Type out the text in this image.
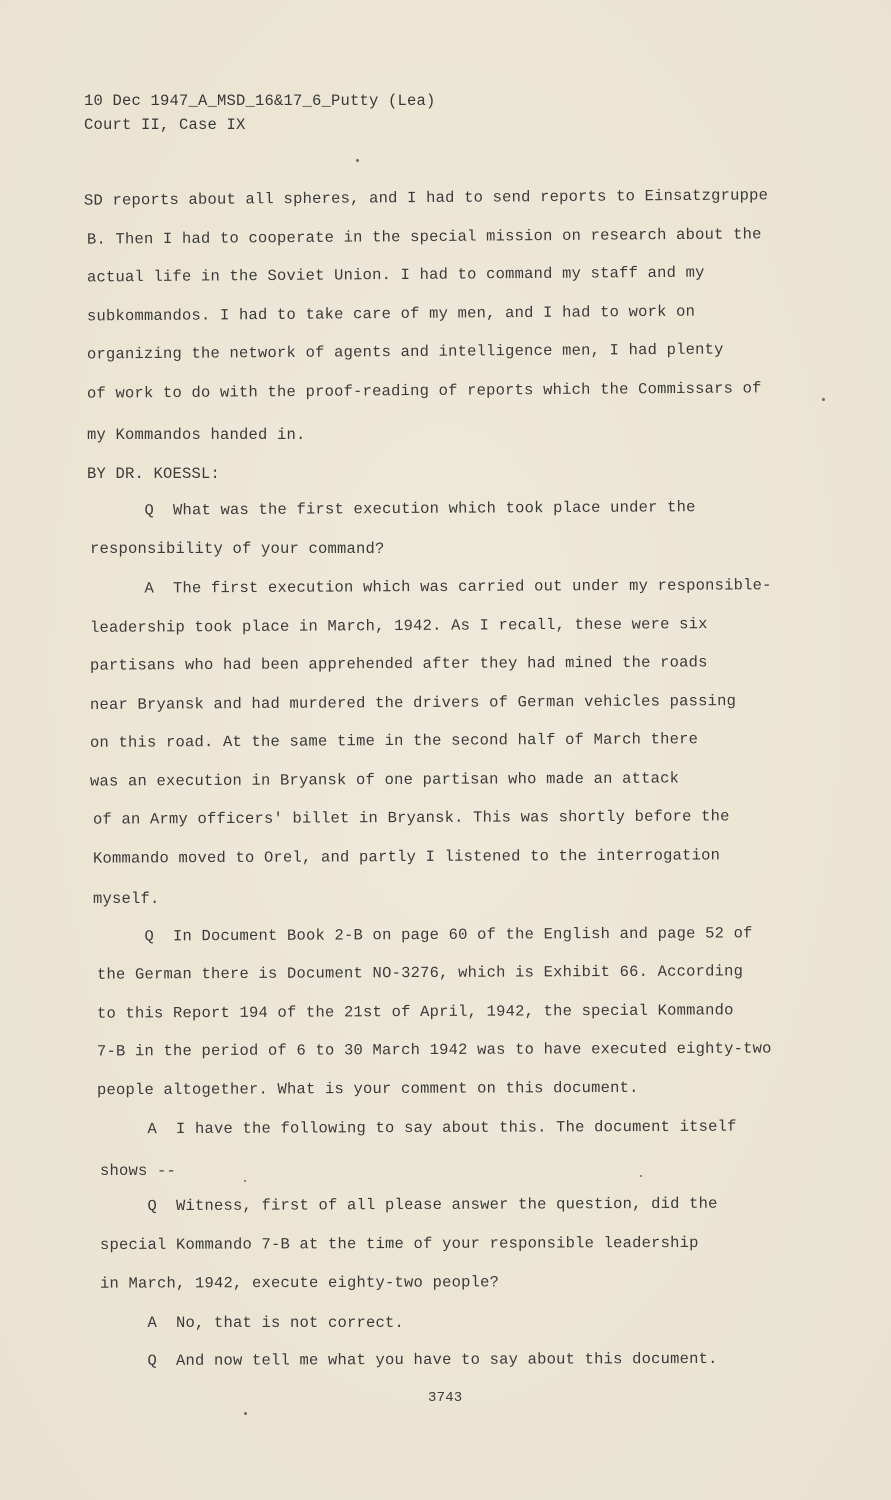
10 Dec 1947_A_MSD_16&17_6_Putty (Lea)
Court II, Case IX
SD reports about all spheres, and I had to send reports to Einsatzgruppe
B. Then I had to cooperate in the special mission on research about the
actual life in the Soviet Union. I had to command my staff and my
subkommandos. I had to take care of my men, and I had to work on
organizing the network of agents and intelligence men, I had plenty
of work to do with the proof-reading of reports which the Commissars of
my Kommandos handed in.
BY DR. KOESSL:
Q  What was the first execution which took place under the
responsibility of your command?
A  The first execution which was carried out under my responsible-
leadership took place in March, 1942. As I recall, these were six
partisans who had been apprehended after they had mined the roads
near Bryansk and had murdered the drivers of German vehicles passing
on this road. At the same time in the second half of March there
was an execution in Bryansk of one partisan who made an attack
of an Army officers' billet in Bryansk. This was shortly before the
Kommando moved to Orel, and partly I listened to the interrogation
myself.
Q  In Document Book 2-B on page 60 of the English and page 52 of
the German there is Document NO-3276, which is Exhibit 66. According
to this Report 194 of the 21st of April, 1942, the special Kommando
7-B in the period of 6 to 30 March 1942 was to have executed eighty-two
people altogether. What is your comment on this document.
A  I have the following to say about this. The document itself
shows --
Q  Witness, first of all please answer the question, did the
special Kommando 7-B at the time of your responsible leadership
in March, 1942, execute eighty-two people?
A  No, that is not correct.
Q  And now tell me what you have to say about this document.
3743
